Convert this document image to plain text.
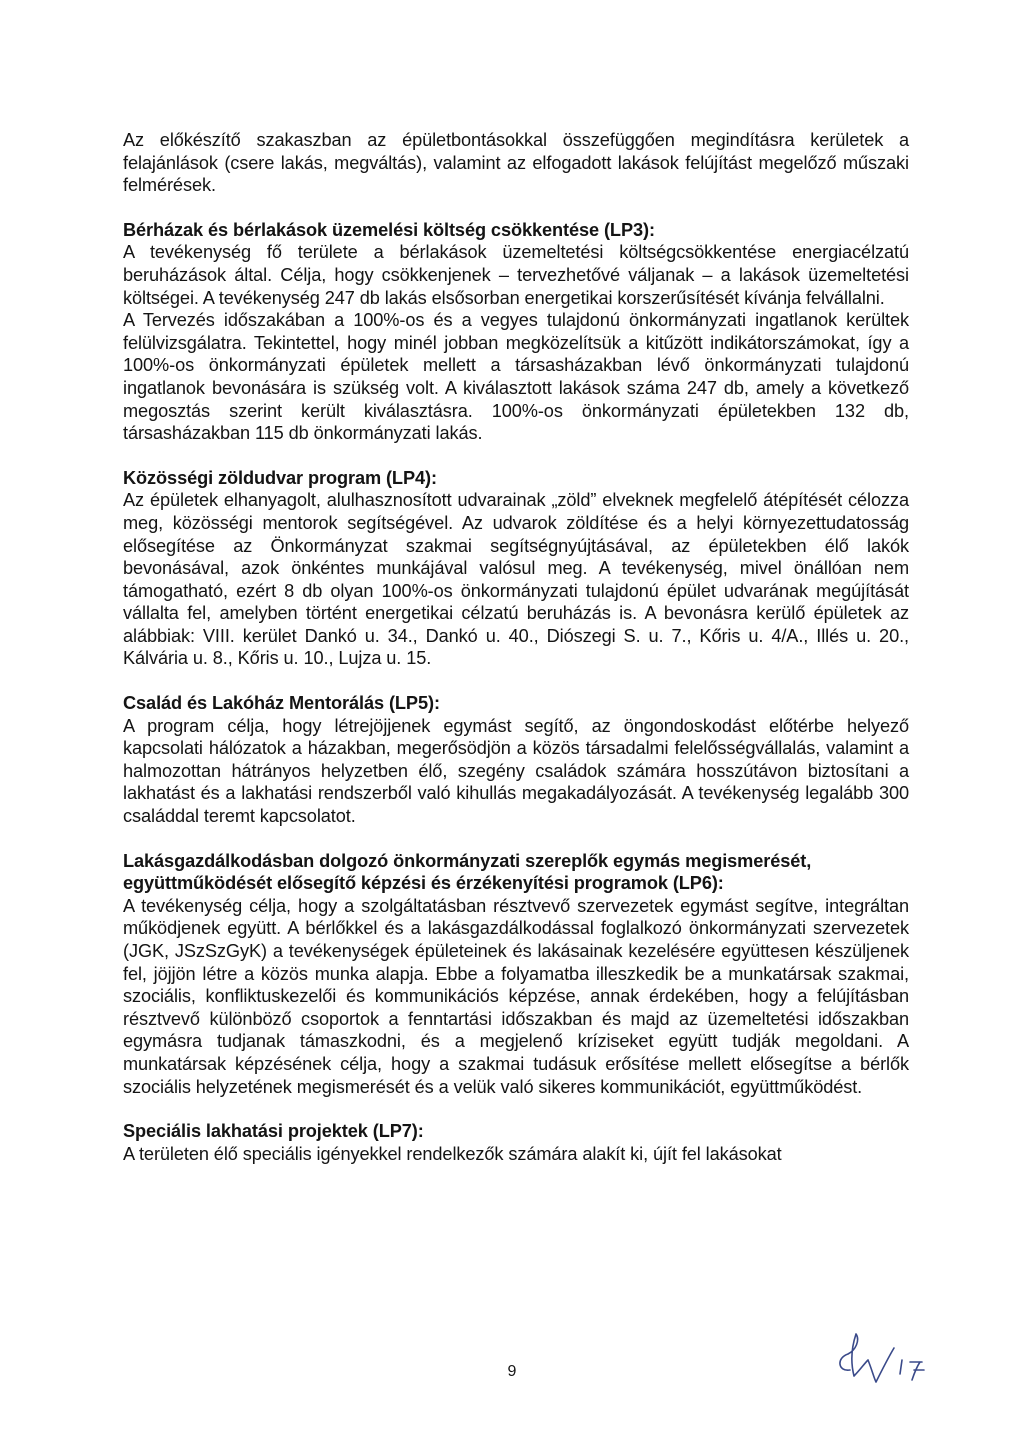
Az előkészítő szakaszban az épületbontásokkal összefüggően megindításra kerületek a felajánlások (csere lakás, megváltás), valamint az elfogadott lakások felújítást megelőző műszaki felmérések.

Bérházak és bérlakások üzemelési költség csökkentése (LP3):

A tevékenység fő területe a bérlakások üzemeltetési költségcsökkentése energiacélzatú beruházások által. Célja, hogy csökkenjenek – tervezhetővé váljanak – a lakások üzemeltetési költségei. A tevékenység 247 db lakás elsősorban energetikai korszerűsítését kívánja felvállalni.

A Tervezés időszakában a 100%-os és a vegyes tulajdonú önkormányzati ingatlanok kerültek felülvizsgálatra. Tekintettel, hogy minél jobban megközelítsük a kitűzött indikátorszámokat, így a 100%-os önkormányzati épületek mellett a társasházakban lévő önkormányzati tulajdonú ingatlanok bevonására is szükség volt. A kiválasztott lakások száma 247 db, amely a következő megosztás szerint került kiválasztásra. 100%-os önkormányzati épületekben 132 db, társasházakban 115 db önkormányzati lakás.

Közösségi zöldudvar program (LP4):

Az épületek elhanyagolt, alulhasznosított udvarainak „zöld” elveknek megfelelő átépítését célozza meg, közösségi mentorok segítségével. Az udvarok zöldítése és a helyi környezettudatosság elősegítése az Önkormányzat szakmai segítségnyújtásával, az épületekben élő lakók bevonásával, azok önkéntes munkájával valósul meg. A tevékenység, mivel önállóan nem támogatható, ezért 8 db olyan 100%-os önkormányzati tulajdonú épület udvarának megújítását vállalta fel, amelyben történt energetikai célzatú beruházás is. A bevonásra kerülő épületek az alábbiak: VIII. kerület Dankó u. 34., Dankó u. 40., Diószegi S. u. 7., Kőris u. 4/A., Illés u. 20., Kálvária u. 8., Kőris u. 10., Lujza u. 15.

Család és Lakóház Mentorálás (LP5):

A program célja, hogy létrejöjjenek egymást segítő, az öngondoskodást előtérbe helyező kapcsolati hálózatok a házakban, megerősödjön a közös társadalmi felelősségvállalás, valamint a halmozottan hátrányos helyzetben élő, szegény családok számára hosszútávon biztosítani a lakhatást és a lakhatási rendszerből való kihullás megakadályozását. A tevékenység legalább 300 családdal teremt kapcsolatot.

Lakásgazdálkodásban dolgozó önkormányzati szereplők egymás megismerését, együttműködését elősegítő képzési és érzékenyítési programok (LP6):

A tevékenység célja, hogy a szolgáltatásban résztvevő szervezetek egymást segítve, integráltan működjenek együtt. A bérlőkkel és a lakásgazdálkodással foglalkozó önkormányzati szervezetek (JGK, JSzSzGyK) a tevékenységek épületeinek és lakásainak kezelésére együttesen készüljenek fel, jöjjön létre a közös munka alapja. Ebbe a folyamatba illeszkedik be a munkatársak szakmai, szociális, konfliktuskezelői és kommunikációs képzése, annak érdekében, hogy a felújításban résztvevő különböző csoportok a fenntartási időszakban és majd az üzemeltetési időszakban egymásra tudjanak támaszkodni, és a megjelenő kríziseket együtt tudják megoldani. A munkatársak képzésének célja, hogy a szakmai tudásuk erősítése mellett elősegítse a bérlők szociális helyzetének megismerését és a velük való sikeres kommunikációt, együttműködést.

Speciális lakhatási projektek (LP7):

A területen élő speciális igényekkel rendelkezők számára alakít ki, újít fel lakásokat

9
